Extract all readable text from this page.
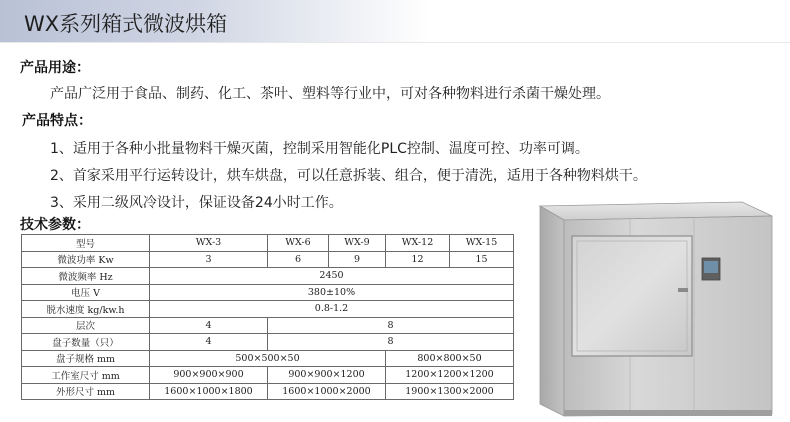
WX系列箱式微波烘箱
产品用途：
产品广泛用于食品、制药、化工、茶叶、塑料等行业中，可对各种物料进行杀菌干燥处理。
产品特点：
1、适用于各种小批量物料干燥灭菌，控制采用智能化PLC控制、温度可控、功率可调。
2、首家采用平行运转设计，烘车烘盘，可以任意拆装、组合，便于清洗，适用于各种物料烘干。
3、采用二级风冷设计，保证设备24小时工作。
技术参数：
型号	WX-3	WX-6	WX-9	WX-12	WX-15
微波功率 Kw	3	6	9	12	15
微波频率 Hz	2450				
电压 V	380±10%				
脱水速度 kg/kw.h	0.8-1.2				
层次	4	8			
盘子数量（只）	4	8			
盘子规格 mm	500×500×50			800×800×50	
工作室尺寸 mm	900×900×900	900×900×1200		1200×1200×1200	
外形尺寸 mm	1600×1000×1800	1600×1000×2000		1900×1300×2000	
